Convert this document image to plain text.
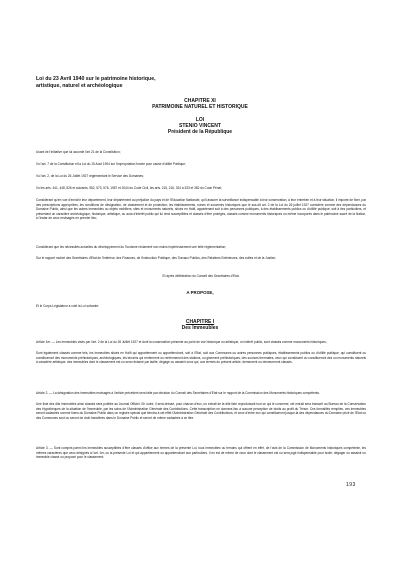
Loi du 23 Avril 1940 sur le patrimoine historique,
artistique, naturel et archéologique

CHAPITRE XI

PATRIMOINE NATUREL ET HISTORIQUE

LOI

STENIO VINCENT

Président de la République

Usant de l'initiative que lui accorde l'art 21 de la Constitution;

Vu l'art. 7 de la Constitution et la Loi du 15 Aout 1904 sur l'expropriation forcée pour cause d'utilité Publique;

Vu l'art. 2, de la Loi du 26 Juillet 1927 réglementant le Service des Domaines;

Vu les arts. 441, 448, 526 et suivants, 552, 573, 576, 1987 et 2044 du Code Civil, les arts. 215, 216, 324 à 333 et 382 du Code Pénal;

Considérant qu'en vue d'enrichir leur département, leur département au préjudice du pays et de l'Education Nationale, qu'il assurer la surveillance indispensable à leur conservation, à leur entretien et à leur situation, il importe de fixer, par des prescriptions appropriées, les conditions de désignation, de classement et de protection; les établissements, ruines et souvenirs historiques que le sus-dit art. 2 de la Loi du 26 juillet 1927 considère comme des dépendances du Domaine Public, ainsi que les autres immeubles ou objets mobiliers, sites et monuments naturels, situés en Haïti, appartenant soit à des personnes publiques, à des établissements publics ou d'utilité publique, soit à des particuliers, et présentant un caractère archéologique, historique, artistique, ou aura d'intérêt public qui lui rend susceptibles et classés d'être protégés, classés comme monuments historiques ou même incorporés dans le patrimoine sacré de la Nation, à l'instar de ceux envisagés en premier lieu;

Considérant que les nécessités actuelles du développement du Tourisme réclament non moins impérieusement une telle réglementation;

Sur le rapport motivé des Secrétaires d'Etat de l'Intérieur, des Finances, de l'Instruction Publique, des Travaux Publics, des Relations Extérieures, des cultes et de la Justice;

Et après délibération du Conseil des Secrétaires d'Etat.

A PROPOSE,

Et le Corps Législateur a voté la Loi suivante:

CHAPITRE I

Des Immeubles

Article 1er. — Les immeubles visés par l'art. 2 de la Loi du 26 Juillet 1927 et dont la conservation présente au point de vue historique ou artistique, un intérêt public, sont classés comme monuments historiques;

Sont également classés comme tels, les immeubles situés en Haïti qui appartiennent ou appartiendront, soit à l'Etat, soit aux Communes ou autres personnes publiques, établissements publics ou d'utilité publique, qui constituent ou constitueront des monuments préhistoriques, archéologiques, les terrains qui renferment ou renfermeront des stations, ou gisement préhistoriques, des sources thermales, ceux qui constituent ou constitueront des ou monuments naturels à caractère artistique, des immeubles dont le classement est ou sera réclamé par ladite, dégagé ou assainir ceux qui, aux termes du présent article, demeurent ou demeureront classés.

Article 2. — La désignation des immeubles envisagés à l'article précédent sera faite par décision du Conseil des Secrétaires d'Etat sur le rapport de la Commission des Monuments historiques compétents.

Une liste des dits immeubles ainsi classés sera publiée au Journal Officiel. En outre, il sera dressé, pour chacun d'eux, un extrait de la dite liste reproduisant tout ce qui le concerne; cet extrait sera transcrit au Bureau de la Conservation des Hypothèques de la situation de l'immeuble, par les soins de l'Administration Générale des Contributions. Cette transcription ne donnera lieu à aucune perception de droits au profit du Trésor. Ces formalités remplies, ces immeubles seront cadastrés comme biens du Domaine Public dans un registre spécial que tiendra à cet effet l'Administration Générale des Contributions, et ceux d'entre eux qui constitueront jusque-là des dépendances du Domaine privé de l'Etat ou des Communes sont ou seront de droit transférés dans le Domaine Public et seront de même cadastrés à ce titre.

Article 3. — Sont compris parmi les immeubles susceptibles d'être classés d'office aux termes de la présente Loi, tous immeubles ou terrains qui offrent en effet, de l'avis de la Commission de Monuments historiques compétente, les mêmes caractères que ceux désignés à l'art. 1er, ou la présente Loi et qui appartiennent ou appartiendront aux particuliers. Il en est de même de ceux dont le classement est ou sera jugé indispensable pour isoler, dégager ou assainir un immeuble classé ou proposé pour le classement.

193
